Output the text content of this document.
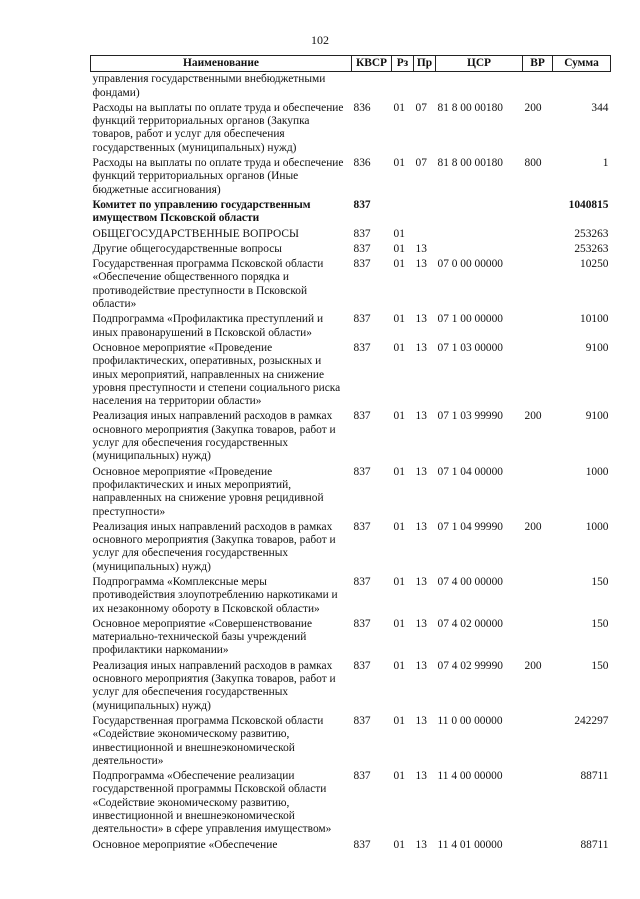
102
Наименование	КВСР	Рз	Пр	ЦСР	ВР	Сумма
управления государственными внебюджетными фондами)						
Расходы на выплаты по оплате труда и обеспечение функций территориальных органов (Закупка товаров, работ и услуг для обеспечения государственных (муниципальных) нужд)	836	01	07	81 8 00 00180	200	344
Расходы на выплаты по оплате труда и обеспечение функций территориальных органов (Иные бюджетные ассигнования)	836	01	07	81 8 00 00180	800	1
Комитет по управлению государственным имуществом Псковской области	837					1040815
ОБЩЕГОСУДАРСТВЕННЫЕ ВОПРОСЫ	837	01				253263
Другие общегосударственные вопросы	837	01	13			253263
Государственная программа Псковской области «Обеспечение общественного порядка и противодействие преступности в Псковской области»	837	01	13	07 0 00 00000		10250
Подпрограмма «Профилактика преступлений и иных правонарушений в Псковской области»	837	01	13	07 1 00 00000		10100
Основное мероприятие «Проведение профилактических, оперативных, розыскных и иных мероприятий, направленных на снижение уровня преступности и степени социального риска населения на территории области»	837	01	13	07 1 03 00000		9100
Реализация иных направлений расходов в рамках основного мероприятия (Закупка товаров, работ и услуг для обеспечения государственных (муниципальных) нужд)	837	01	13	07 1 03 99990	200	9100
Основное мероприятие «Проведение профилактических и иных мероприятий, направленных на снижение уровня рецидивной преступности»	837	01	13	07 1 04 00000		1000
Реализация иных направлений расходов в рамках основного мероприятия (Закупка товаров, работ и услуг для обеспечения государственных (муниципальных) нужд)	837	01	13	07 1 04 99990	200	1000
Подпрограмма «Комплексные меры противодействия злоупотреблению наркотиками и их незаконному обороту в Псковской области»	837	01	13	07 4 00 00000		150
Основное мероприятие «Совершенствование материально-технической базы учреждений профилактики наркомании»	837	01	13	07 4 02 00000		150
Реализация иных направлений расходов в рамках основного мероприятия (Закупка товаров, работ и услуг для обеспечения государственных (муниципальных) нужд)	837	01	13	07 4 02 99990	200	150
Государственная программа Псковской области «Содействие экономическому развитию, инвестиционной и внешнеэкономической деятельности»	837	01	13	11 0 00 00000		242297
Подпрограмма «Обеспечение реализации государственной программы Псковской области «Содействие экономическому развитию, инвестиционной и внешнеэкономической деятельности» в сфере управления имуществом»	837	01	13	11 4 00 00000		88711
Основное мероприятие «Обеспечение	837	01	13	11 4 01 00000		88711
